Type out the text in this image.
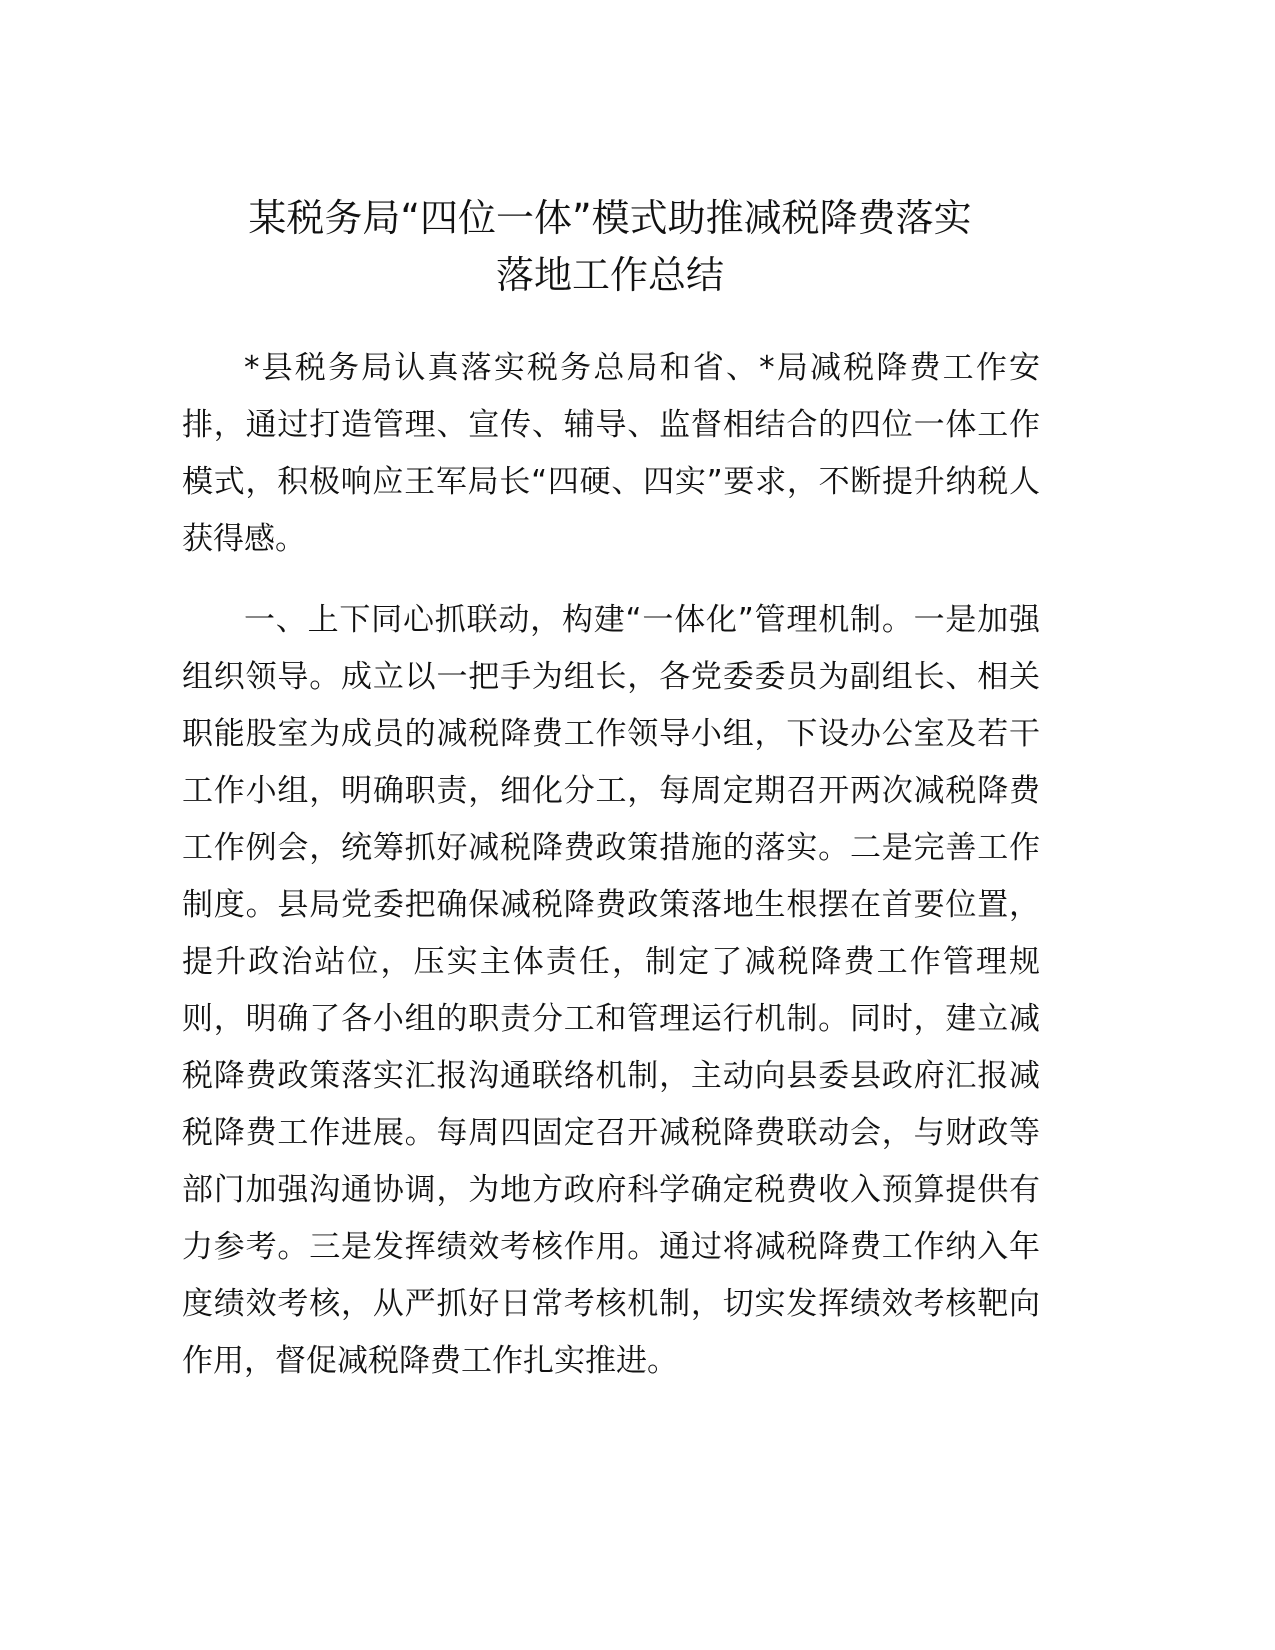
某税务局“四位一体”模式助推减税降费落实
落地工作总结

*县税务局认真落实税务总局和省、*局减税降费工作安排，通过打造管理、宣传、辅导、监督相结合的四位一体工作模式，积极响应王军局长“四硬、四实”要求，不断提升纳税人获得感。

一、上下同心抓联动，构建“一体化”管理机制。一是加强组织领导。成立以一把手为组长，各党委委员为副组长、相关职能股室为成员的减税降费工作领导小组，下设办公室及若干工作小组，明确职责，细化分工，每周定期召开两次减税降费工作例会，统筹抓好减税降费政策措施的落实。二是完善工作制度。县局党委把确保减税降费政策落地生根摆在首要位置，提升政治站位，压实主体责任，制定了减税降费工作管理规则，明确了各小组的职责分工和管理运行机制。同时，建立减税降费政策落实汇报沟通联络机制，主动向县委县政府汇报减税降费工作进展。每周四固定召开减税降费联动会，与财政等部门加强沟通协调，为地方政府科学确定税费收入预算提供有力参考。三是发挥绩效考核作用。通过将减税降费工作纳入年度绩效考核，从严抓好日常考核机制，切实发挥绩效考核靶向作用，督促减税降费工作扎实推进。
